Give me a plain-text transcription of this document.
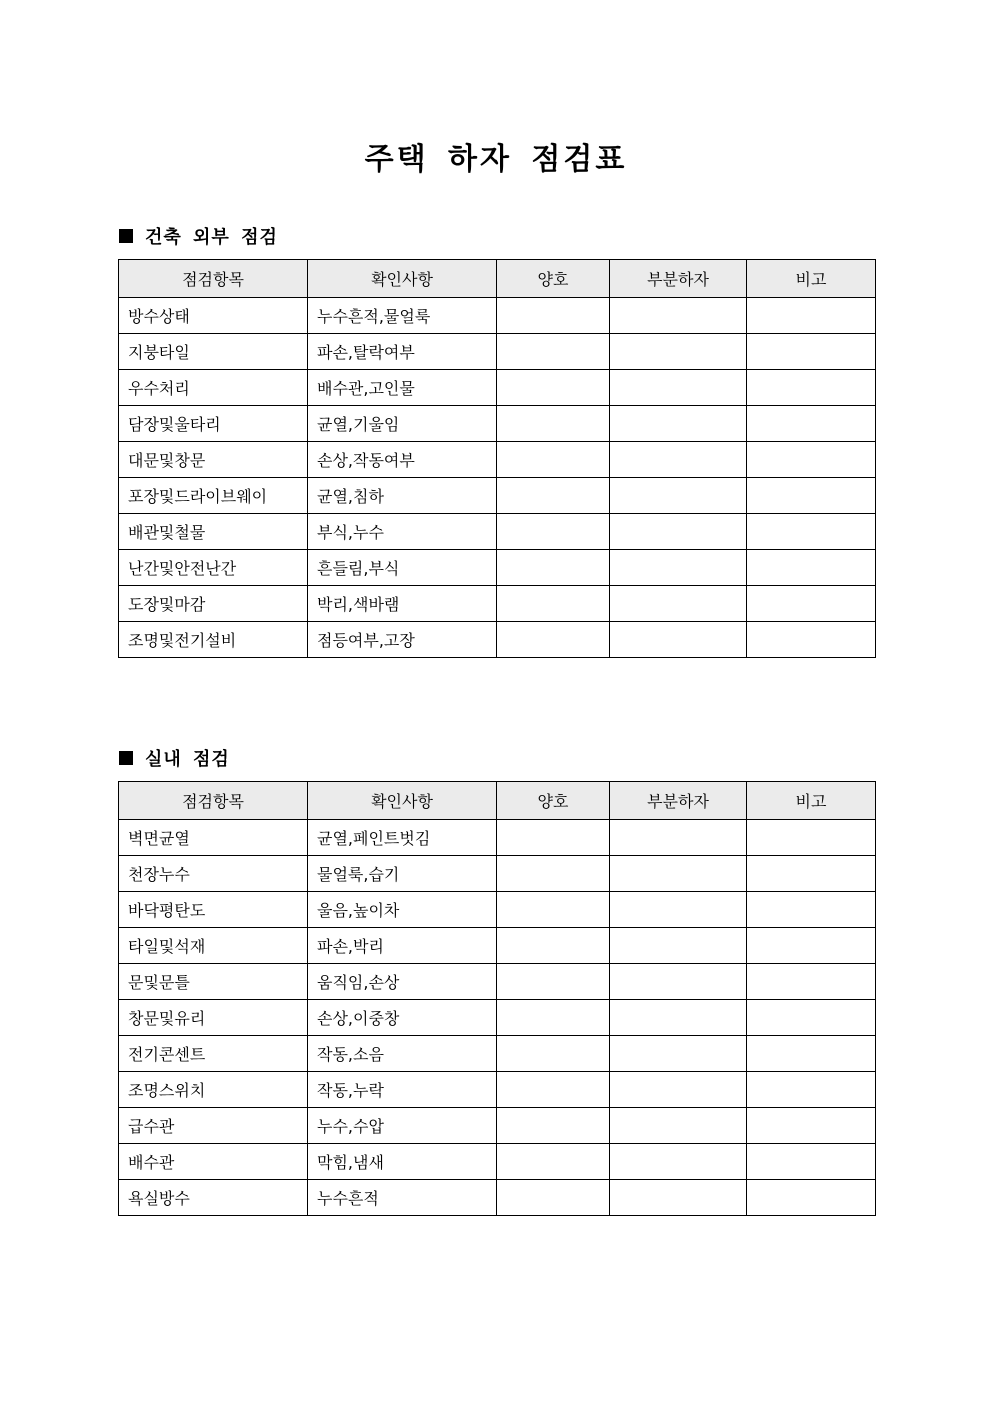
주택 하자 점검표
건축 외부 점검
점검항목	확인사항	양호	부분하자	비고
방수상태	누수흔적,물얼룩			
지붕타일	파손,탈락여부			
우수처리	배수관,고인물			
담장및울타리	균열,기울임			
대문및창문	손상,작동여부			
포장및드라이브웨이	균열,침하			
배관및철물	부식,누수			
난간및안전난간	흔들림,부식			
도장및마감	박리,색바램			
조명및전기설비	점등여부,고장			
실내 점검
점검항목	확인사항	양호	부분하자	비고
벽면균열	균열,페인트벗김			
천장누수	물얼룩,습기			
바닥평탄도	울음,높이차			
타일및석재	파손,박리			
문및문틀	움직임,손상			
창문및유리	손상,이중창			
전기콘센트	작동,소음			
조명스위치	작동,누락			
급수관	누수,수압			
배수관	막힘,냄새			
욕실방수	누수흔적			
